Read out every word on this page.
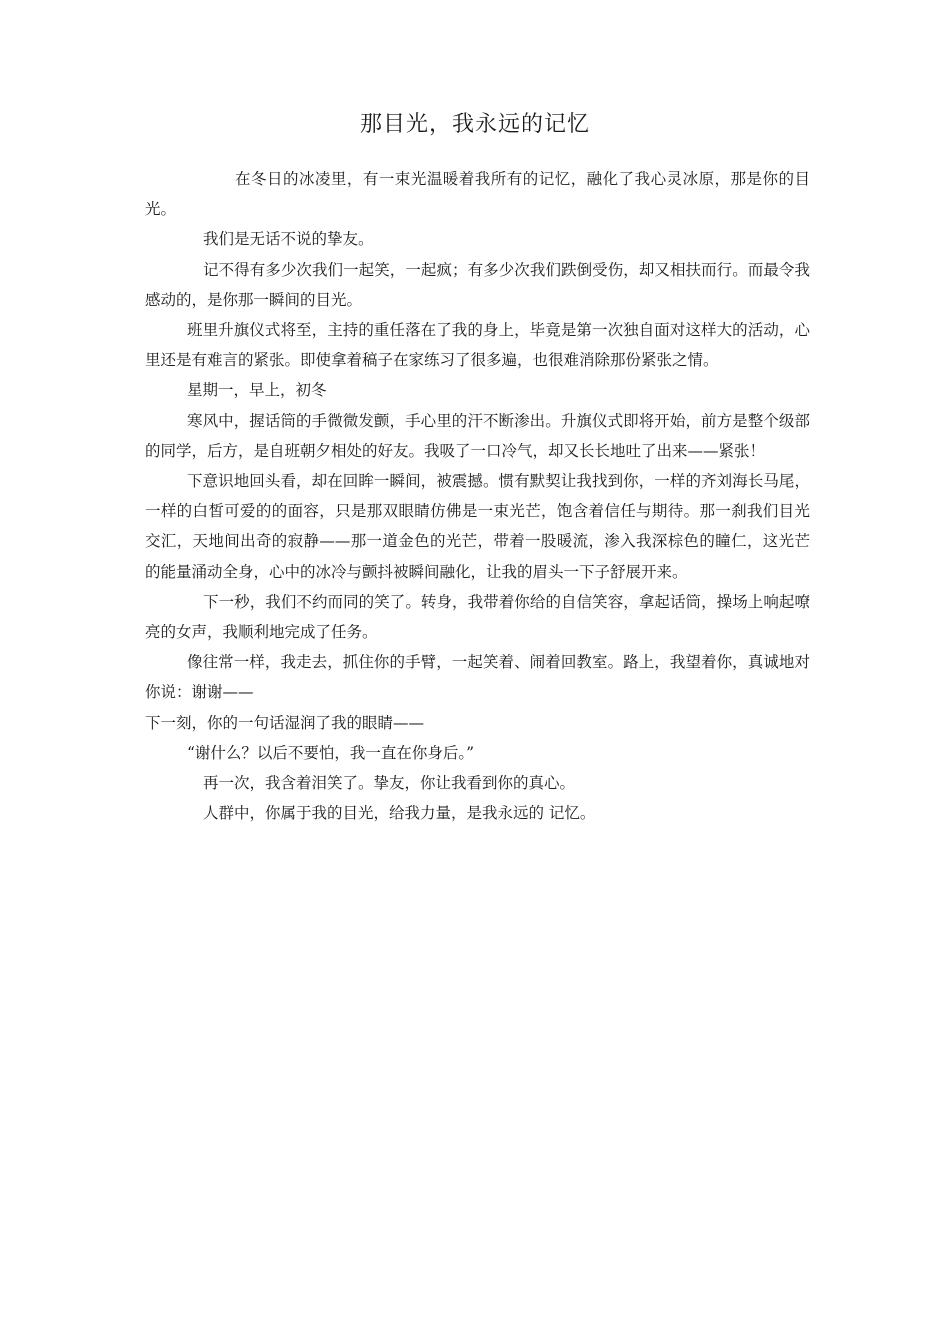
那目光，我永远的记忆

在冬日的冰凌里，有一束光温暖着我所有的记忆，融化了我心灵冰原，那是你的目光。

我们是无话不说的挚友。

记不得有多少次我们一起笑，一起疯；有多少次我们跌倒受伤，却又相扶而行。而最令我感动的，是你那一瞬间的目光。

班里升旗仪式将至，主持的重任落在了我的身上，毕竟是第一次独自面对这样大的活动，心里还是有难言的紧张。即使拿着稿子在家练习了很多遍，也很难消除那份紧张之情。

星期一，早上，初冬

寒风中，握话筒的手微微发颤，手心里的汗不断渗出。升旗仪式即将开始，前方是整个级部的同学，后方，是自班朝夕相处的好友。我吸了一口冷气，却又长长地吐了出来——紧张！

下意识地回头看，却在回眸一瞬间，被震撼。惯有默契让我找到你，一样的齐刘海长马尾，一样的白皙可爱的的面容，只是那双眼睛仿佛是一束光芒，饱含着信任与期待。那一刹我们目光交汇，天地间出奇的寂静——那一道金色的光芒，带着一股暖流，渗入我深棕色的瞳仁，这光芒的能量涌动全身，心中的冰冷与颤抖被瞬间融化，让我的眉头一下子舒展开来。

下一秒，我们不约而同的笑了。转身，我带着你给的自信笑容，拿起话筒，操场上响起嘹亮的女声，我顺利地完成了任务。

像往常一样，我走去，抓住你的手臂，一起笑着、闹着回教室。路上，我望着你，真诚地对你说：谢谢——

下一刻，你的一句话湿润了我的眼睛——

“谢什么？以后不要怕，我一直在你身后。”

再一次，我含着泪笑了。挚友，你让我看到你的真心。

人群中，你属于我的目光，给我力量，是我永远的 记忆。
